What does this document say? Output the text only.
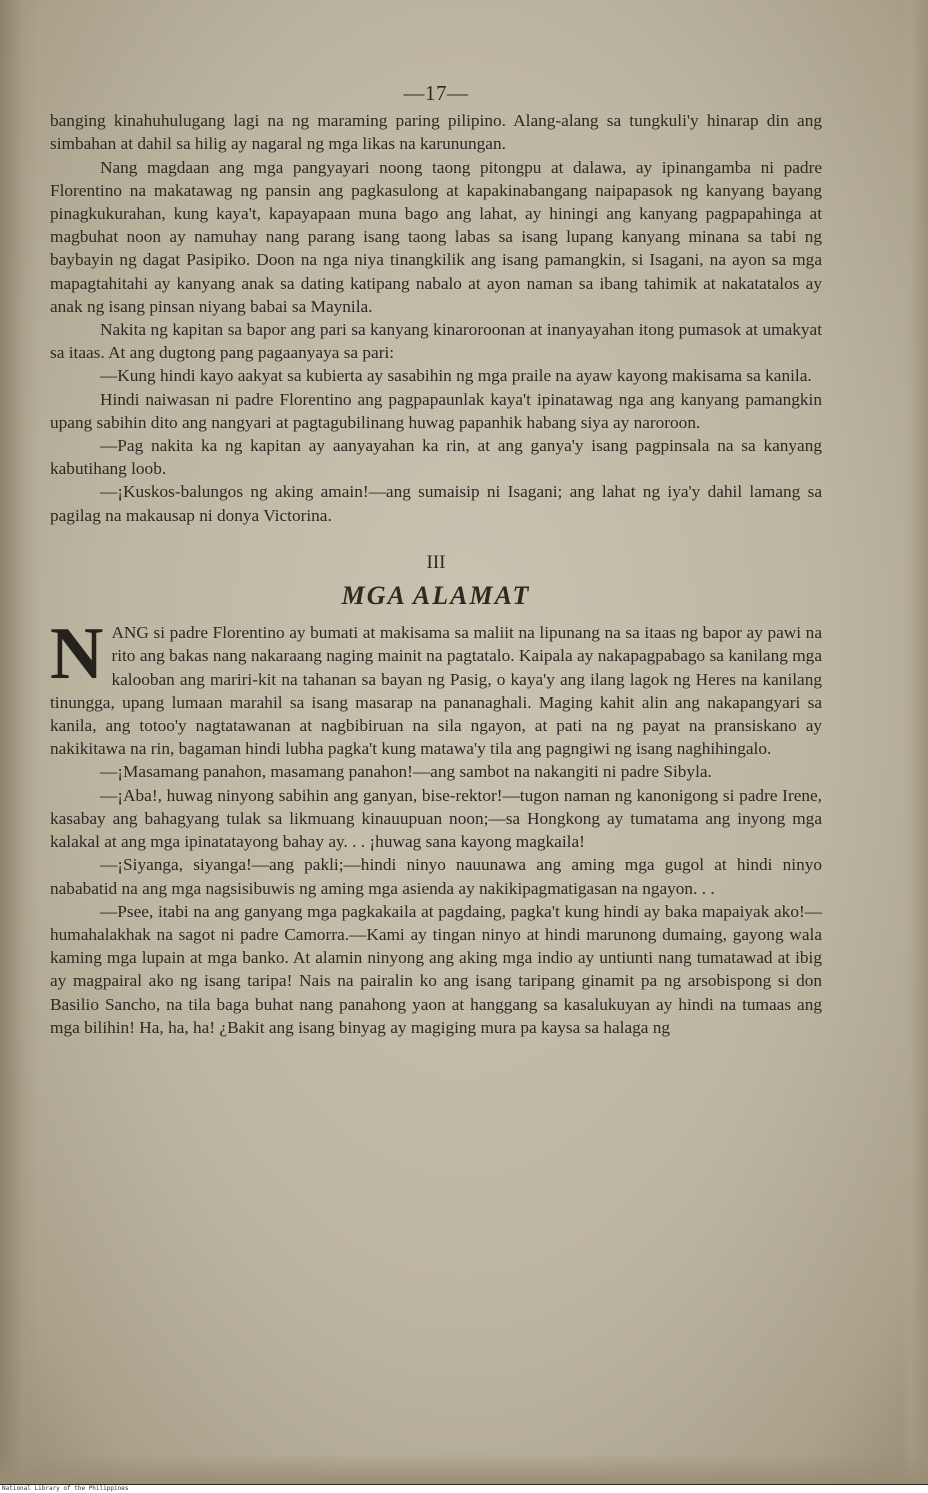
—17—

banging kinahuhulugang lagi na ng maraming paring pilipino. Alang-alang sa tungkuli'y hinarap din ang simbahan at dahil sa hilig ay nagaral ng mga likas na karunungan.

Nang magdaan ang mga pangyayari noong taong pitongpu at dalawa, ay ipinangamba ni padre Florentino na makatawag ng pansin ang pagkasulong at kapakinabangang naipapasok ng kanyang bayang pinagkukurahan, kung kaya't, kapayapaan muna bago ang lahat, ay hiningi ang kanyang pagpapahinga at magbuhat noon ay namuhay nang parang isang taong labas sa isang lupang kanyang minana sa tabi ng baybayin ng dagat Pasipiko. Doon na nga niya tinangkilik ang isang pamangkin, si Isagani, na ayon sa mga mapagtahitahi ay kanyang anak sa dating katipang nabalo at ayon naman sa ibang tahimik at nakatatalos ay anak ng isang pinsan niyang babai sa Maynila.

Nakita ng kapitan sa bapor ang pari sa kanyang kinaroroonan at inanyayahan itong pumasok at umakyat sa itaas. At ang dugtong pang pagaanyaya sa pari:

—Kung hindi kayo aakyat sa kubierta ay sasabihin ng mga praile na ayaw kayong makisama sa kanila.

Hindi naiwasan ni padre Florentino ang pagpapaunlak kaya't ipinatawag nga ang kanyang pamangkin upang sabihin dito ang nangyari at pagtagubilinang huwag papanhik habang siya ay naroroon.

—Pag nakita ka ng kapitan ay aanyayahan ka rin, at ang ganya'y isang pagpinsala na sa kanyang kabutihang loob.

—¡Kuskos-balungos ng aking amain!—ang sumaisip ni Isagani; ang lahat ng iya'y dahil lamang sa pagilag na makausap ni donya Victorina.

III
MGA ALAMAT

NANG si padre Florentino ay bumati at makisama sa maliit na lipunang na sa itaas ng bapor ay pawi na rito ang bakas nang nakaraang naging mainit na pagtatalo. Kaipala ay nakapagpabago sa kanilang mga kalooban ang mariri-kit na tahanan sa bayan ng Pasig, o kaya'y ang ilang lagok ng Heres na kanilang tinungga, upang lumaan marahil sa isang masarap na pananaghali. Maging kahit alin ang nakapangyari sa kanila, ang totoo'y nagtatawanan at nagbibiruan na sila ngayon, at pati na ng payat na pransiskano ay nakikitawa na rin, bagaman hindi lubha pagka't kung matawa'y tila ang pagngiwi ng isang naghihingalo.

—¡Masamang panahon, masamang panahon!—ang sambot na nakangiti ni padre Sibyla.

—¡Aba!, huwag ninyong sabihin ang ganyan, bise-rektor!—tugon naman ng kanonigong si padre Irene, kasabay ang bahagyang tulak sa likmuang kinauupuan noon;—sa Hongkong ay tumatama ang inyong mga kalakal at ang mga ipinatatayong bahay ay. . . ¡huwag sana kayong magkaila!

—¡Siyanga, siyanga!—ang pakli;—hindi ninyo nauunawa ang aming mga gugol at hindi ninyo nababatid na ang mga nagsisibuwis ng aming mga asienda ay nakikipagmatigasan na ngayon. . .

—Psee, itabi na ang ganyang mga pagkakaila at pagdaing, pagka't kung hindi ay baka mapaiyak ako!—humahalakhak na sagot ni padre Camorra.—Kami ay tingan ninyo at hindi marunong dumaing, gayong wala kaming mga lupain at mga banko. At alamin ninyong ang aking mga indio ay untiunti nang tumatawad at ibig ay magpairal ako ng isang taripa! Nais na pairalin ko ang isang taripang ginamit pa ng arsobispong si don Basilio Sancho, na tila baga buhat nang panahong yaon at hanggang sa kasalukuyan ay hindi na tumaas ang mga bilihin! Ha, ha, ha! ¿Bakit ang isang binyag ay magiging mura pa kaysa sa halaga ng

National Library of the Philippines
